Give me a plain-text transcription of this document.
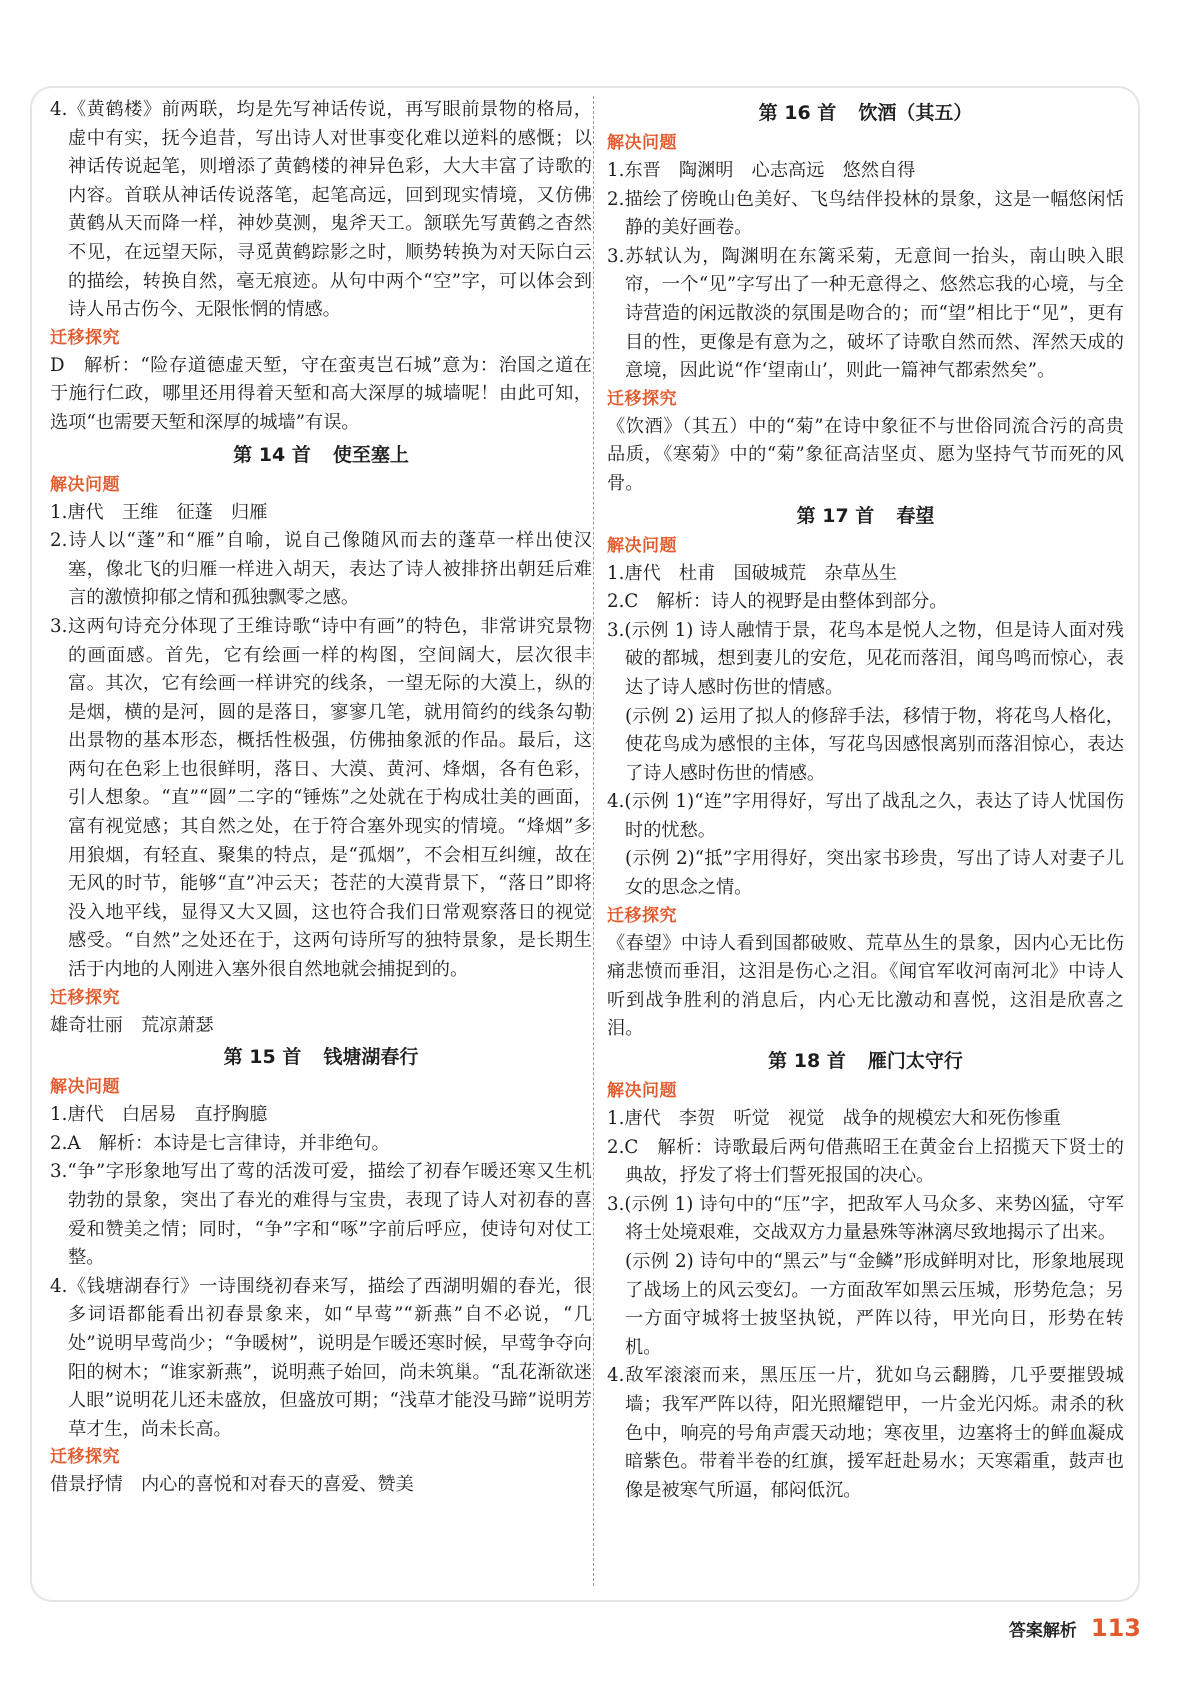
4.《黄鹤楼》前两联，均是先写神话传说，再写眼前景物的格局，虚中有实，抚今追昔，写出诗人对世事变化难以逆料的感慨；以神话传说起笔，则增添了黄鹤楼的神异色彩，大大丰富了诗歌的内容。首联从神话传说落笔，起笔高远，回到现实情境，又仿佛黄鹤从天而降一样，神妙莫测，鬼斧天工。颔联先写黄鹤之杳然不见，在远望天际，寻觅黄鹤踪影之时，顺势转换为对天际白云的描绘，转换自然，毫无痕迹。从句中两个“空”字，可以体会到诗人吊古伤今、无限怅惘的情感。

迁移探究

D　解析：“险存道德虚天堑，守在蛮夷岂石城”意为：治国之道在于施行仁政，哪里还用得着天堑和高大深厚的城墙呢！由此可知，选项“也需要天堑和深厚的城墙”有误。

第 14 首 使至塞上
解决问题

1.唐代　王维　征蓬　归雁

2.诗人以“蓬”和“雁”自喻，说自己像随风而去的蓬草一样出使汉塞，像北飞的归雁一样进入胡天，表达了诗人被排挤出朝廷后难言的激愤抑郁之情和孤独飘零之感。

3.这两句诗充分体现了王维诗歌“诗中有画”的特色，非常讲究景物的画面感。首先，它有绘画一样的构图，空间阔大，层次很丰富。其次，它有绘画一样讲究的线条，一望无际的大漠上，纵的是烟，横的是河，圆的是落日，寥寥几笔，就用简约的线条勾勒出景物的基本形态，概括性极强，仿佛抽象派的作品。最后，这两句在色彩上也很鲜明，落日、大漠、黄河、烽烟，各有色彩，引人想象。“直”“圆”二字的“锤炼”之处就在于构成壮美的画面，富有视觉感；其自然之处，在于符合塞外现实的情境。“烽烟”多用狼烟，有轻直、聚集的特点，是“孤烟”，不会相互纠缠，故在无风的时节，能够“直”冲云天；苍茫的大漠背景下，“落日”即将没入地平线，显得又大又圆，这也符合我们日常观察落日的视觉感受。“自然”之处还在于，这两句诗所写的独特景象，是长期生活于内地的人刚进入塞外很自然地就会捕捉到的。

迁移探究

雄奇壮丽　荒凉萧瑟

第 15 首 钱塘湖春行
解决问题

1.唐代　白居易　直抒胸臆

2.A　解析：本诗是七言律诗，并非绝句。

3.“争”字形象地写出了莺的活泼可爱，描绘了初春乍暖还寒又生机勃勃的景象，突出了春光的难得与宝贵，表现了诗人对初春的喜爱和赞美之情；同时，“争”字和“啄”字前后呼应，使诗句对仗工整。

4.《钱塘湖春行》一诗围绕初春来写，描绘了西湖明媚的春光，很多词语都能看出初春景象来，如“早莺”“新燕”自不必说，“几处”说明早莺尚少；“争暖树”，说明是乍暖还寒时候，早莺争夺向阳的树木；“谁家新燕”，说明燕子始回，尚未筑巢。“乱花渐欲迷人眼”说明花儿还未盛放，但盛放可期；“浅草才能没马蹄”说明芳草才生，尚未长高。

迁移探究

借景抒情　内心的喜悦和对春天的喜爱、赞美

第 16 首 饮酒（其五）
解决问题

1.东晋　陶渊明　心志高远　悠然自得

2.描绘了傍晚山色美好、飞鸟结伴投林的景象，这是一幅悠闲恬静的美好画卷。

3.苏轼认为，陶渊明在东篱采菊，无意间一抬头，南山映入眼帘，一个“见”字写出了一种无意得之、悠然忘我的心境，与全诗营造的闲远散淡的氛围是吻合的；而“望”相比于“见”，更有目的性，更像是有意为之，破坏了诗歌自然而然、浑然天成的意境，因此说“作‘望南山’，则此一篇神气都索然矣”。

迁移探究

《饮酒》（其五）中的“菊”在诗中象征不与世俗同流合污的高贵品质，《寒菊》中的“菊”象征高洁坚贞、愿为坚持气节而死的风骨。

第 17 首 春望
解决问题

1.唐代　杜甫　国破城荒　杂草丛生

2.C　解析：诗人的视野是由整体到部分。

3.(示例 1) 诗人融情于景，花鸟本是悦人之物，但是诗人面对残破的都城，想到妻儿的安危，见花而落泪，闻鸟鸣而惊心，表达了诗人感时伤世的情感。

(示例 2) 运用了拟人的修辞手法，移情于物，将花鸟人格化，使花鸟成为感恨的主体，写花鸟因感恨离别而落泪惊心，表达了诗人感时伤世的情感。

4.(示例 1)“连”字用得好，写出了战乱之久，表达了诗人忧国伤时的忧愁。

(示例 2)“抵”字用得好，突出家书珍贵，写出了诗人对妻子儿女的思念之情。

迁移探究

《春望》中诗人看到国都破败、荒草丛生的景象，因内心无比伤痛悲愤而垂泪，这泪是伤心之泪。《闻官军收河南河北》中诗人听到战争胜利的消息后，内心无比激动和喜悦，这泪是欣喜之泪。

第 18 首 雁门太守行
解决问题

1.唐代　李贺　听觉　视觉　战争的规模宏大和死伤惨重

2.C　解析：诗歌最后两句借燕昭王在黄金台上招揽天下贤士的典故，抒发了将士们誓死报国的决心。

3.(示例 1) 诗句中的“压”字，把敌军人马众多、来势凶猛，守军将士处境艰难，交战双方力量悬殊等淋漓尽致地揭示了出来。

(示例 2) 诗句中的“黑云”与“金鳞”形成鲜明对比，形象地展现了战场上的风云变幻。一方面敌军如黑云压城，形势危急；另一方面守城将士披坚执锐，严阵以待，甲光向日，形势在转机。

4.敌军滚滚而来，黑压压一片，犹如乌云翻腾，几乎要摧毁城墙；我军严阵以待，阳光照耀铠甲，一片金光闪烁。肃杀的秋色中，响亮的号角声震天动地；寒夜里，边塞将士的鲜血凝成暗紫色。带着半卷的红旗，援军赶赴易水；天寒霜重，鼓声也像是被寒气所逼，郁闷低沉。

答案解析 113
